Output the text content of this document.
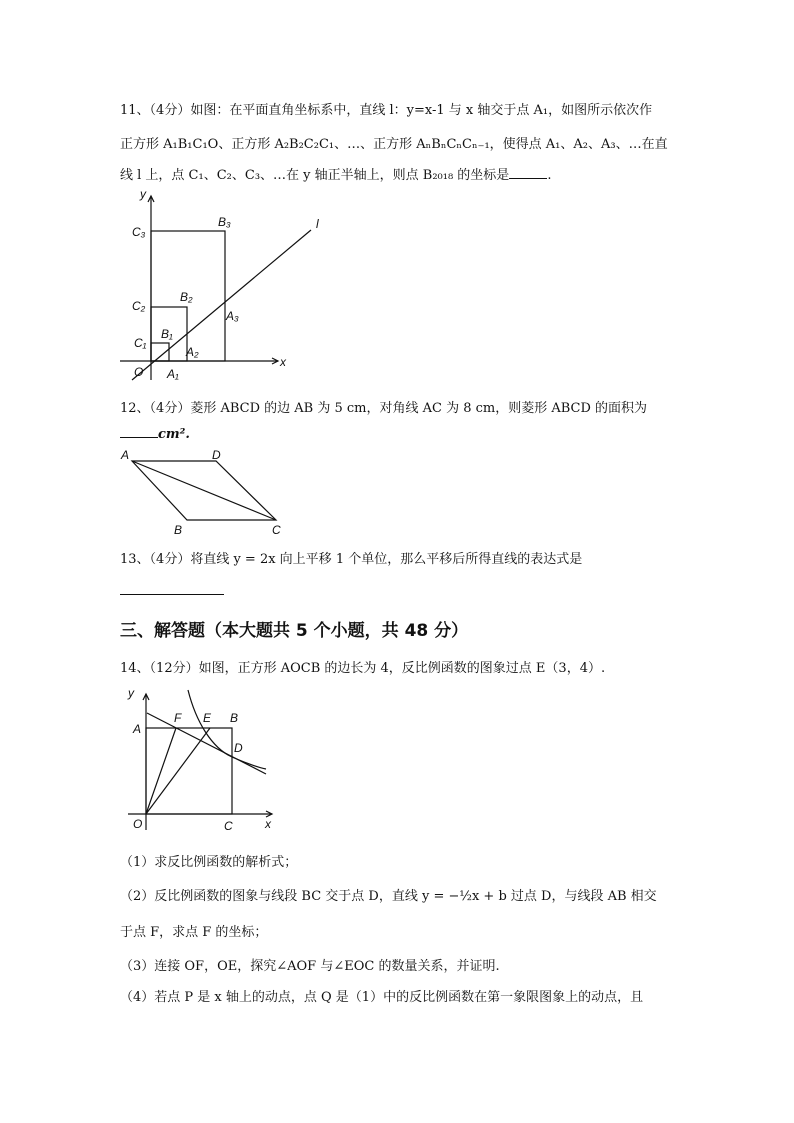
11、（4分）如图：在平面直角坐标系中，直线 l：y=x-1 与 x 轴交于点 A₁，如图所示依次作
正方形 A₁B₁C₁O、正方形 A₂B₂C₂C₁、…、正方形 AₙBₙCₙCₙ₋₁，使得点 A₁、A₂、A₃、…在直
线 l 上，点 C₁、C₂、C₃、…在 y 轴正半轴上，则点 B₂₀₁₈ 的坐标是	.
y
x
l
O
C₁
C₂
C₃
B₁
B₂
B₃
A₁
A₂
A₃
12、（4分）菱形 ABCD 的边 AB 为 5 cm，对角线 AC 为 8 cm，则菱形 ABCD 的面积为
cm².
A	D
B	C
13、（4分）将直线 y = 2x 向上平移 1 个单位，那么平移后所得直线的表达式是
三、解答题（本大题共 5 个小题，共 48 分）
14、（12分）如图，正方形 AOCB 的边长为 4，反比例函数的图象过点 E（3，4）.
y
x
O
A
F E B
D
C
（1）求反比例函数的解析式；
（2）反比例函数的图象与线段 BC 交于点 D，直线 y = −½x + b 过点 D，与线段 AB 相交
于点 F，求点 F 的坐标；
（3）连接 OF，OE，探究∠AOF 与∠EOC 的数量关系，并证明.
（4）若点 P 是 x 轴上的动点，点 Q 是（1）中的反比例函数在第一象限图象上的动点，且
